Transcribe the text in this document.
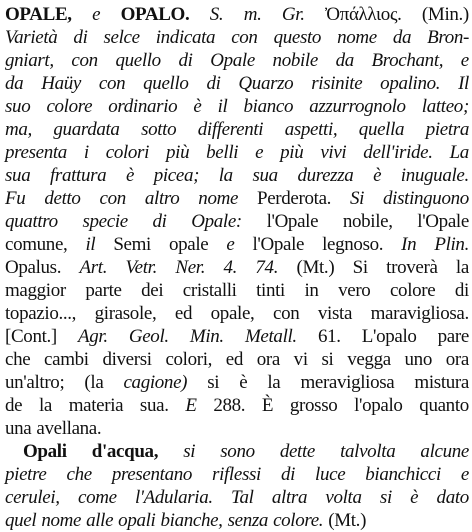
OPALE, e OPALO. S. m. Gr. Ὀπάλλιος. (Min.)
Varietà di selce indicata con questo nome da Bron-
gniart, con quello di Opale nobile da Brochant, e
da Haüy con quello di Quarzo risinite opalino. Il
suo colore ordinario è il bianco azzurrognolo latteo;
ma, guardata sotto differenti aspetti, quella pietra
presenta i colori più belli e più vivi dell'iride. La
sua frattura è picea; la sua durezza è inuguale.
Fu detto con altro nome Perderota. Si distinguono
quattro specie di Opale: l'Opale nobile, l'Opale
comune, il Semi opale e l'Opale legnoso. In Plin.
Opalus. Art. Vetr. Ner. 4. 74. (Mt.) Si troverà la
maggior parte dei cristalli tinti in vero colore di
topazio..., girasole, ed opale, con vista maravigliosa.
[Cont.] Agr. Geol. Min. Metall. 61. L'opalo pare
che cambi diversi colori, ed ora vi si vegga uno ora
un'altro; (la cagione) si è la meravigliosa mistura
de la materia sua. E 288. È grosso l'opalo quanto
una avellana.
Opali d'acqua, si sono dette talvolta alcune
pietre che presentano riflessi di luce bianchicci e
cerulei, come l'Adularia. Tal altra volta si è dato
quel nome alle opali bianche, senza colore. (Mt.)
